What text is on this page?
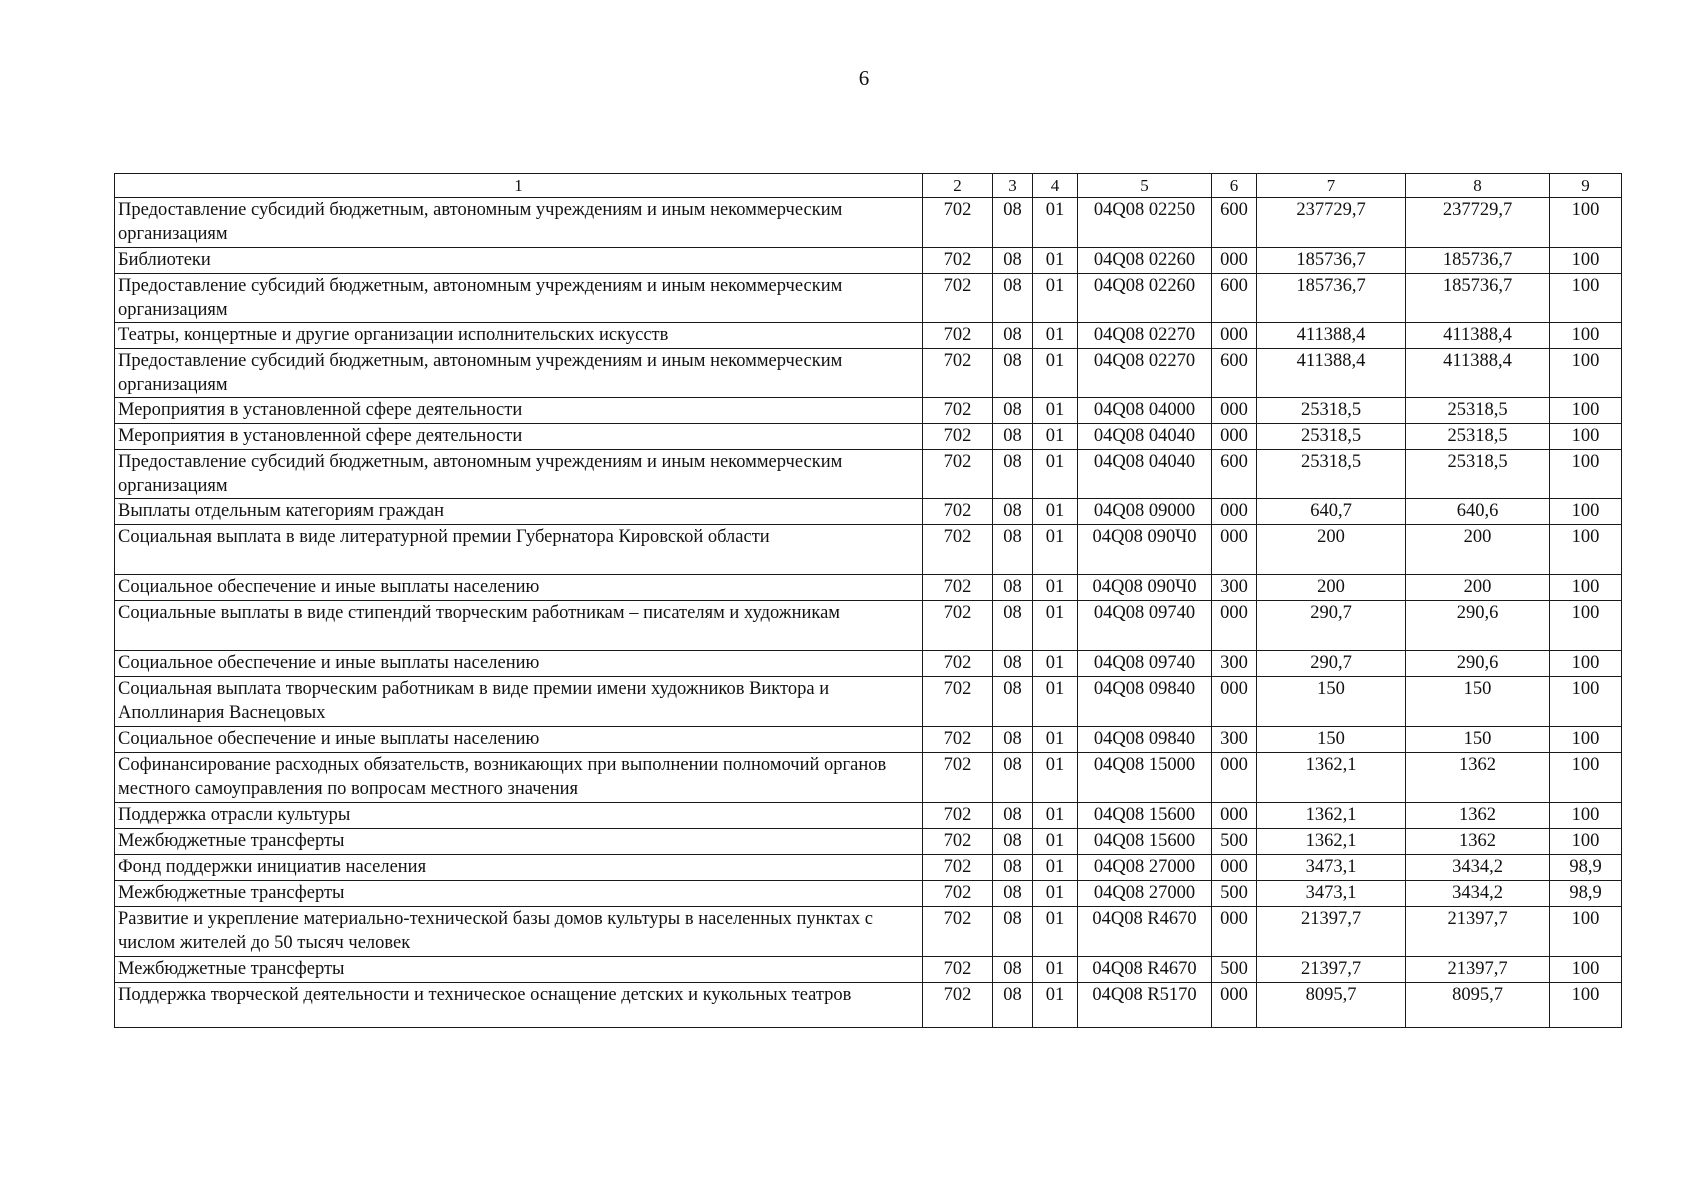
6
1	2	3	4	5	6	7	8	9
Предоставление субсидий бюджетным, автономным учреждениям и иным некоммерческим организациям	702	08	01	04Q08 02250	600	237729,7	237729,7	100
Библиотеки	702	08	01	04Q08 02260	000	185736,7	185736,7	100
Предоставление субсидий бюджетным, автономным учреждениям и иным некоммерческим организациям	702	08	01	04Q08 02260	600	185736,7	185736,7	100
Театры, концертные и другие организации исполнительских искусств	702	08	01	04Q08 02270	000	411388,4	411388,4	100
Предоставление субсидий бюджетным, автономным учреждениям и иным некоммерческим организациям	702	08	01	04Q08 02270	600	411388,4	411388,4	100
Мероприятия в установленной сфере деятельности	702	08	01	04Q08 04000	000	25318,5	25318,5	100
Мероприятия в установленной сфере деятельности	702	08	01	04Q08 04040	000	25318,5	25318,5	100
Предоставление субсидий бюджетным, автономным учреждениям и иным некоммерческим организациям	702	08	01	04Q08 04040	600	25318,5	25318,5	100
Выплаты отдельным категориям граждан	702	08	01	04Q08 09000	000	640,7	640,6	100
Социальная выплата в виде литературной премии Губернатора Кировской области	702	08	01	04Q08 090Ч0	000	200	200	100
Социальное обеспечение и иные выплаты населению	702	08	01	04Q08 090Ч0	300	200	200	100
Социальные выплаты в виде стипендий творческим работникам – писателям и художникам	702	08	01	04Q08 09740	000	290,7	290,6	100
Социальное обеспечение и иные выплаты населению	702	08	01	04Q08 09740	300	290,7	290,6	100
Социальная выплата творческим работникам в виде премии имени художников Виктора и Аполлинария Васнецовых	702	08	01	04Q08 09840	000	150	150	100
Социальное обеспечение и иные выплаты населению	702	08	01	04Q08 09840	300	150	150	100
Софинансирование расходных обязательств, возникающих при выполнении полномочий органов местного самоуправления по вопросам местного значения	702	08	01	04Q08 15000	000	1362,1	1362	100
Поддержка отрасли культуры	702	08	01	04Q08 15600	000	1362,1	1362	100
Межбюджетные трансферты	702	08	01	04Q08 15600	500	1362,1	1362	100
Фонд поддержки инициатив населения	702	08	01	04Q08 27000	000	3473,1	3434,2	98,9
Межбюджетные трансферты	702	08	01	04Q08 27000	500	3473,1	3434,2	98,9
Развитие и укрепление материально-технической базы домов культуры в населенных пунктах с числом жителей до 50 тысяч человек	702	08	01	04Q08 R4670	000	21397,7	21397,7	100
Межбюджетные трансферты	702	08	01	04Q08 R4670	500	21397,7	21397,7	100
Поддержка творческой деятельности и техническое оснащение детских и кукольных театров	702	08	01	04Q08 R5170	000	8095,7	8095,7	100
